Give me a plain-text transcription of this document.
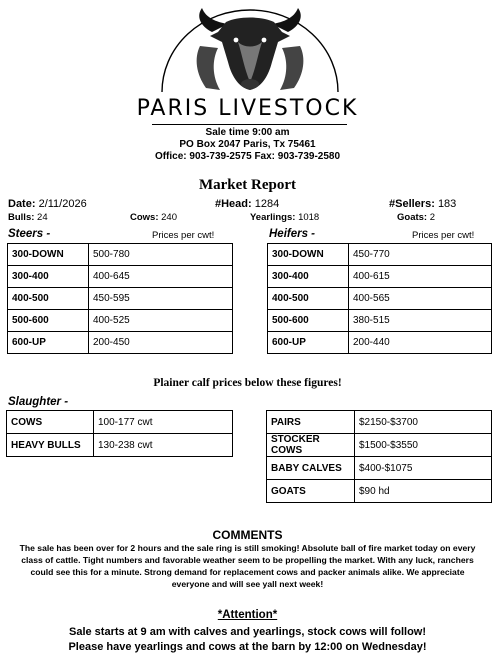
PARIS LIVESTOCK
Sale time 9:00 am
PO Box 2047 Paris, Tx 75461
Office: 903-739-2575 Fax: 903-739-2580
Market Report
Date: 2/11/2026	#Head: 1284	#Sellers: 183
Bulls: 24	Cows: 240	Yearlings: 1018	Goats: 2
Steers -	Prices per cwt!
300-DOWN	500-780
300-400	400-645
400-500	450-595
500-600	400-525
600-UP	200-450
Heifers -	Prices per cwt!
300-DOWN	450-770
300-400	400-615
400-500	400-565
500-600	380-515
600-UP	200-440
Plainer calf prices below these figures!
Slaughter -
COWS	100-177 cwt
HEAVY BULLS	130-238 cwt
PAIRS	$2150-$3700
STOCKER COWS	$1500-$3550
BABY CALVES	$400-$1075
GOATS	$90 hd
COMMENTS
The sale has been over for 2 hours and the sale ring is still smoking! Absolute ball of fire market today on every class of cattle. Tight numbers and favorable weather seem to be propelling the market. With any luck, ranchers could see this for a minute. Strong demand for replacement cows and packer animals alike. We appreciate everyone and will see yall next week!
*Attention*
Sale starts at 9 am with calves and yearlings, stock cows will follow!
Please have yearlings and cows at the barn by 12:00 on Wednesday!
